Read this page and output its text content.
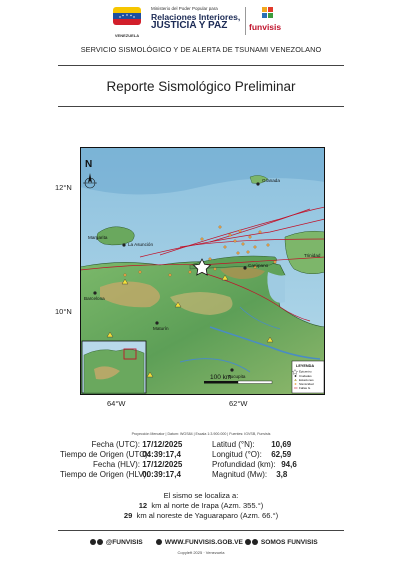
VENEZUELA
Ministerio del Poder Popular para
Relaciones Interiores,
JUSTICIA Y PAZ	funvisis
SERVICIO SISMOLÓGICO Y DE ALERTA DE TSUNAMI VENEZOLANO
Reporte Sismológico Preliminar
12°N
10°N
64°W	62°W
Margarita
La Asunción
Carúpano
Granada
Maturín
Tucupita
Barcelona
Trinidad
N
100 km
LEYENDA
Epicentro
Ciudades
Estaciones
Sismicidad
Fallas G.
Proyección Mercator | Datum: WGS84 | Escala 1:3.900.000 | Fuentes: IGVSB, Funvisis
Fecha (UTC): 17/12/2025
Tiempo de Origen (UTC): 04:39:17,4
Fecha (HLV): 17/12/2025
Tiempo de Origen (HLV): 00:39:17,4
Latitud (°N): 10,69
Longitud (°O): 62,59
Profundidad (km): 94,6
Magnitud (Mw): 3,8
El sismo se localiza a:
12 km al norte de Irapa (Azm. 355.°)
29 km al noreste de Yaguaraparo (Azm. 66.°)
@FUNVISIS	WWW.FUNVISIS.GOB.VE	SOMOS FUNVISIS
Copyleft 2025 · Venezuela
